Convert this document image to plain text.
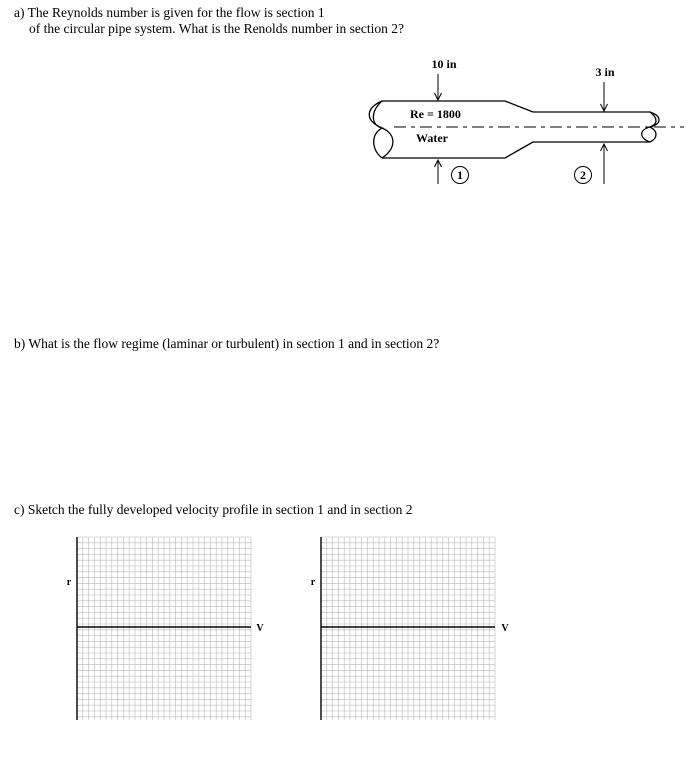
a) The Reynolds number is given for the flow is section 1
of the circular pipe system. What is the Renolds number in section 2?
10 in
3 in
Re = 1800
Water
1	2
r
V
r
V
b) What is the flow regime (laminar or turbulent) in section 1 and in section 2?
c) Sketch the fully developed velocity profile in section 1 and in section 2
